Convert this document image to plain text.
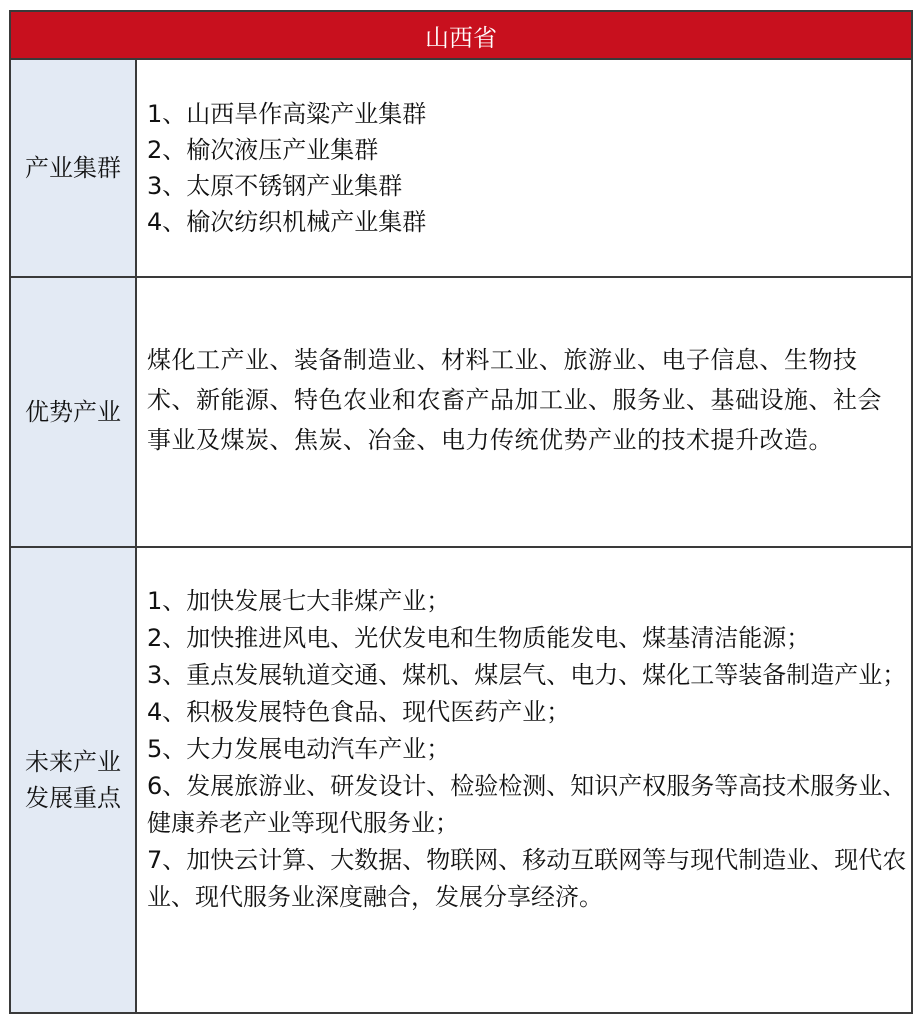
山西省
产业集群
1、山西旱作高粱产业集群
2、榆次液压产业集群
3、太原不锈钢产业集群
4、榆次纺织机械产业集群
优势产业

煤化工产业、装备制造业、材料工业、旅游业、电子信息、生物技术、新能源、特色农业和农畜产品加工业、服务业、基础设施、社会事业及煤炭、焦炭、冶金、电力传统优势产业的技术提升改造。

未来产业发展重点
1、加快发展七大非煤产业；
2、加快推进风电、光伏发电和生物质能发电、煤基清洁能源；
3、重点发展轨道交通、煤机、煤层气、电力、煤化工等装备制造产业；
4、积极发展特色食品、现代医药产业；
5、大力发展电动汽车产业；
6、发展旅游业、研发设计、检验检测、知识产权服务等高技术服务业、健康养老产业等现代服务业；
7、加快云计算、大数据、物联网、移动互联网等与现代制造业、现代农业、现代服务业深度融合，发展分享经济。
